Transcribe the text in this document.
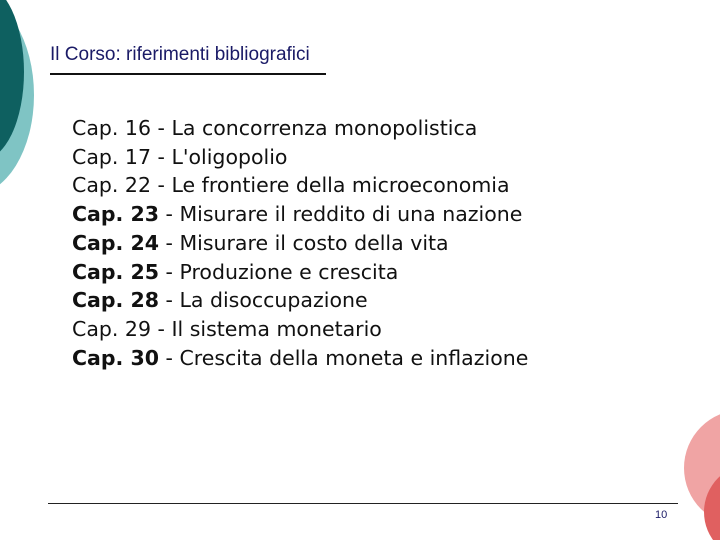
Il Corso: riferimenti bibliografici
Cap. 16 - La concorrenza monopolistica
Cap. 17 - L'oligopolio
Cap. 22 - Le frontiere della microeconomia
Cap. 23 - Misurare il reddito di una nazione
Cap. 24 - Misurare il costo della vita
Cap. 25 - Produzione e crescita
Cap. 28 - La disoccupazione
Cap. 29 - Il sistema monetario
Cap. 30 - Crescita della moneta e inflazione
10
